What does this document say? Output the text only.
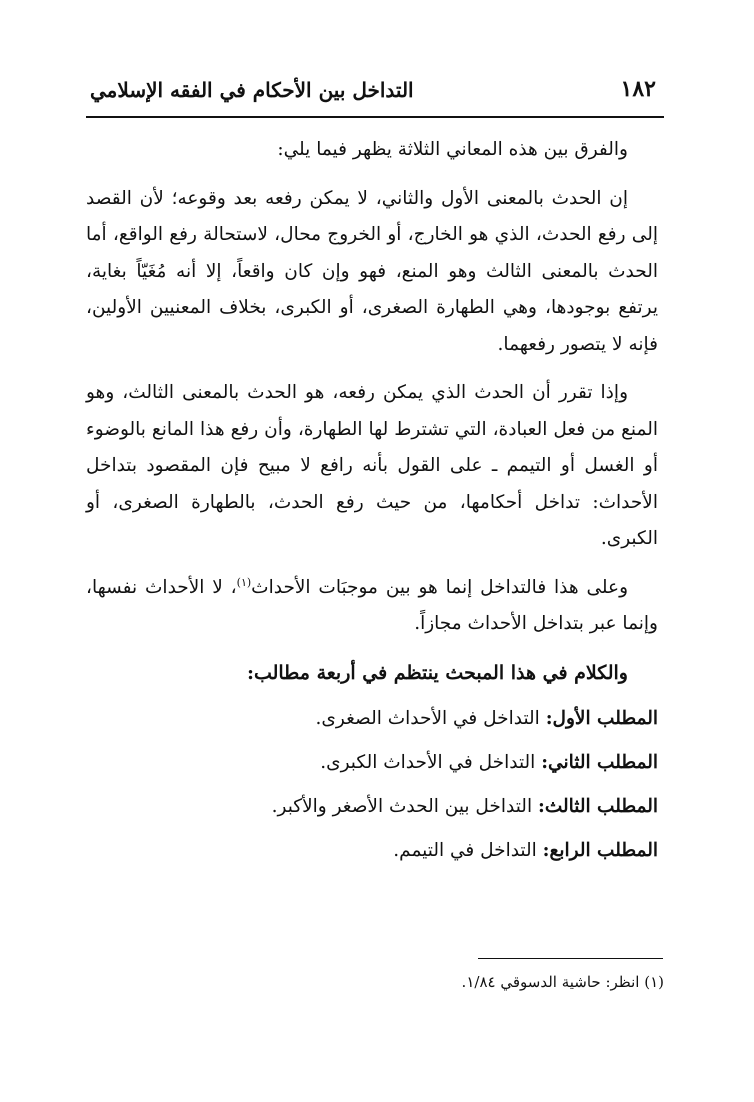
١٨٢
التداخل بين الأحكام في الفقه الإسلامي

والفرق بين هذه المعاني الثلاثة يظهر فيما يلي:

إن الحدث بالمعنى الأول والثاني، لا يمكن رفعه بعد وقوعه؛ لأن القصد إلى رفع الحدث، الذي هو الخارج، أو الخروج محال، لاستحالة رفع الواقع، أما الحدث بالمعنى الثالث وهو المنع، فهو وإن كان واقعاً، إلا أنه مُغَيّاً بغاية، يرتفع بوجودها، وهي الطهارة الصغرى، أو الكبرى، بخلاف المعنيين الأولين، فإنه لا يتصور رفعهما.

وإذا تقرر أن الحدث الذي يمكن رفعه، هو الحدث بالمعنى الثالث، وهو المنع من فعل العبادة، التي تشترط لها الطهارة، وأن رفع هذا المانع بالوضوء أو الغسل أو التيمم ـ على القول بأنه رافع لا مبيح فإن المقصود بتداخل الأحداث: تداخل أحكامها، من حيث رفع الحدث، بالطهارة الصغرى، أو الكبرى.

وعلى هذا فالتداخل إنما هو بين موجبَات الأحداث$^{(١)}$، لا الأحداث نفسها، وإنما عبر بتداخل الأحداث مجازاً.

والكلام في هذا المبحث ينتظم في أربعة مطالب:

المطلب الأول: التداخل في الأحداث الصغرى.
المطلب الثاني: التداخل في الأحداث الكبرى.
المطلب الثالث: التداخل بين الحدث الأصغر والأكبر.
المطلب الرابع: التداخل في التيمم.
(١) انظر: حاشية الدسوقي ١/٨٤.
